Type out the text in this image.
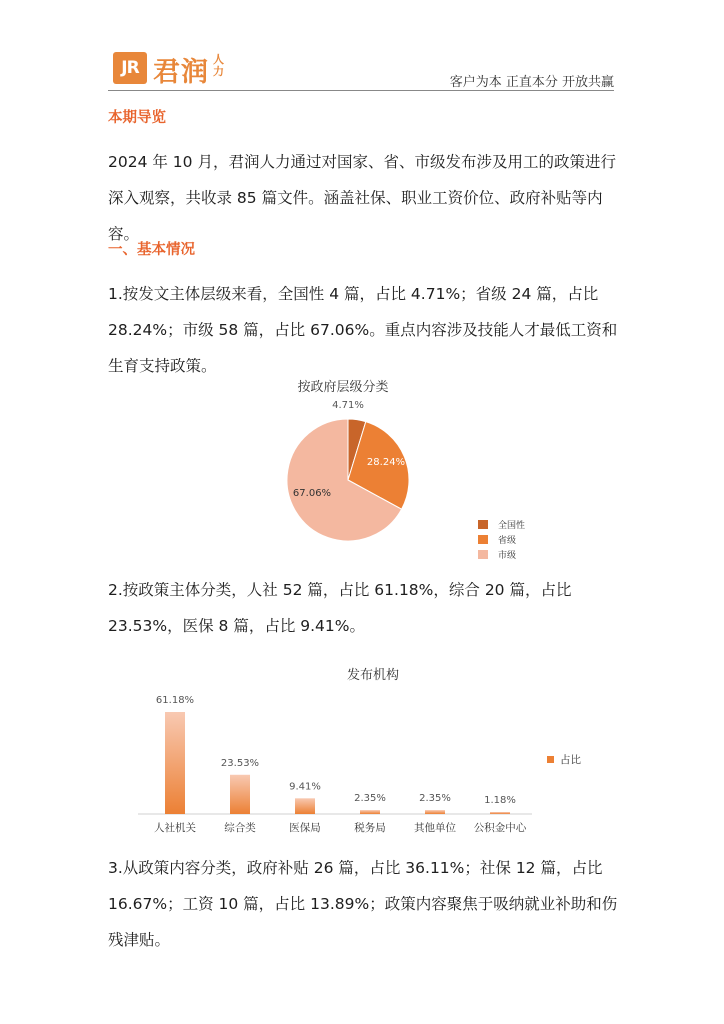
JR 君润 人力
客户为本 正直本分 开放共赢
本期导览
2024 年 10 月，君润人力通过对国家、省、市级发布涉及用工的政策进行深入观察，共收录 85 篇文件。涵盖社保、职业工资价位、政府补贴等内容。
一、基本情况
1.按发文主体层级来看，全国性 4 篇，占比 4.71%；省级 24 篇，占比 28.24%；市级 58 篇，占比 67.06%。重点内容涉及技能人才最低工资和生育支持政策。
按政府层级分类
4.71%
28.24%
67.06%
全国性
省级
市级
2.按政策主体分类，人社 52 篇，占比 61.18%，综合 20 篇，占比 23.53%，医保 8 篇，占比 9.41%。
发布机构
61.18%
人社机关
23.53%
综合类
9.41%
医保局
2.35%
税务局
2.35%
其他单位
1.18%
公积金中心
占比
3.从政策内容分类，政府补贴 26 篇，占比 36.11%；社保 12 篇，占比 16.67%；工资 10 篇，占比 13.89%；政策内容聚焦于吸纳就业补助和伤残津贴。
